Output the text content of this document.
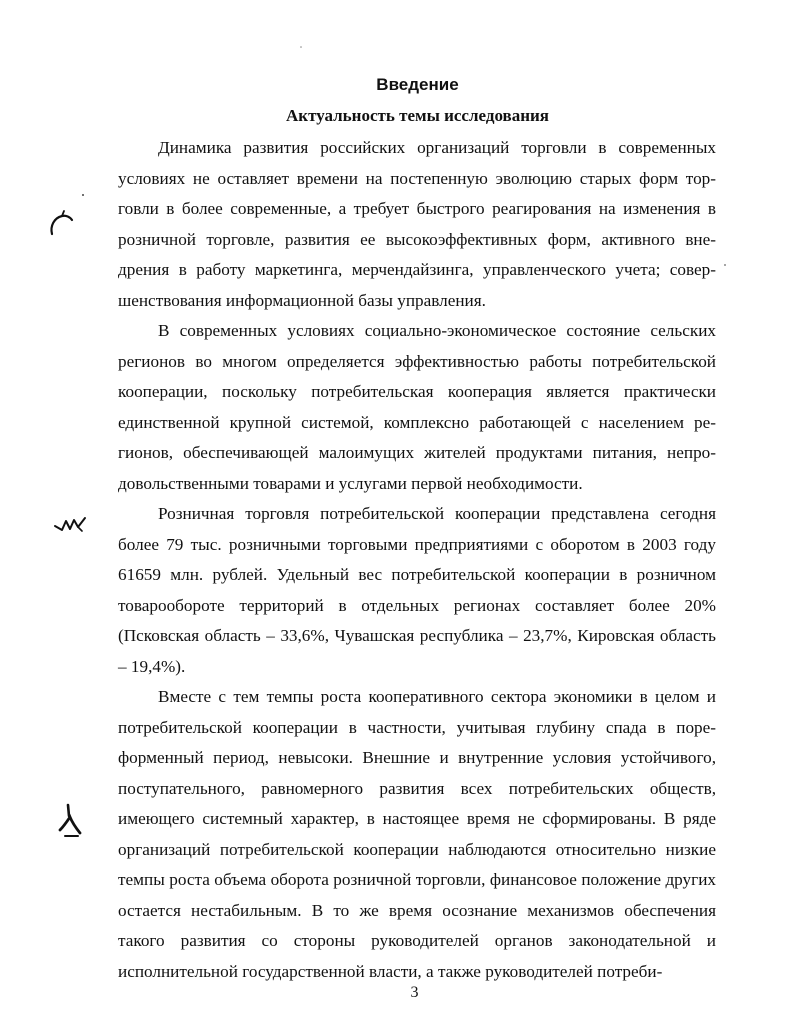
Введение
Актуальность темы исследования

Динамика развития российских организаций торговли в современных условиях не оставляет времени на постепенную эволюцию старых форм торговли в более современные, а требует быстрого реагирования на изменения в розничной торговле, развития ее высокоэффективных форм, активного внедрения в работу маркетинга, мерчендайзинга, управленческого учета; совершенствования информационной базы управления.

В современных условиях социально-экономическое состояние сельских регионов во многом определяется эффективностью работы потребительской кооперации, поскольку потребительская кооперация является практически единственной крупной системой, комплексно работающей с населением регионов, обеспечивающей малоимущих жителей продуктами питания, непродовольственными товарами и услугами первой необходимости.

Розничная торговля потребительской кооперации представлена сегодня более 79 тыс. розничными торговыми предприятиями с оборотом в 2003 году 61659 млн. рублей. Удельный вес потребительской кооперации в розничном товарообороте территорий в отдельных регионах составляет более 20% (Псковская область – 33,6%, Чувашская республика – 23,7%, Кировская область – 19,4%).

Вместе с тем темпы роста кооперативного сектора экономики в целом и потребительской кооперации в частности, учитывая глубину спада в пореформенный период, невысоки. Внешние и внутренние условия устойчивого, поступательного, равномерного развития всех потребительских обществ, имеющего системный характер, в настоящее время не сформированы. В ряде организаций потребительской кооперации наблюдаются относительно низкие темпы роста объема оборота розничной торговли, финансовое положение других остается нестабильным. В то же время осознание механизмов обеспечения такого развития со стороны руководителей органов законодательной и исполнительной государственной власти, а также руководителей потреби-

3
